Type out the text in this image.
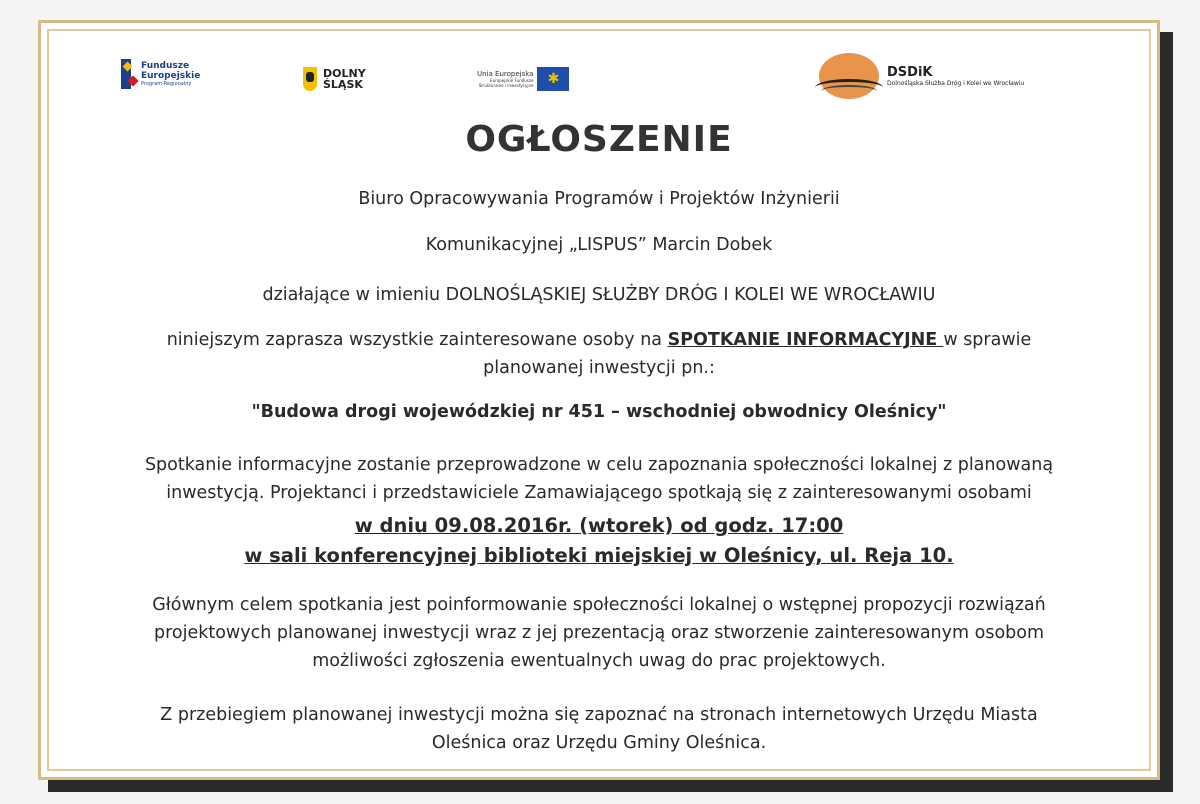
Fundusze
Europejskie
Program Regionalny
DOLNY
ŚLĄSK
Unia Europejska
Europejskie Fundusze
Strukturalne i Inwestycyjne	✱	DSDiK
Dolnośląska Służba Dróg i Kolei we Wrocławiu
OGŁOSZENIE
Biuro Opracowywania Programów i Projektów Inżynierii
Komunikacyjnej „LISPUS” Marcin Dobek
działające w imieniu DOLNOŚLĄSKIEJ SŁUŻBY DRÓG I KOLEI WE WROCŁAWIU
niniejszym zaprasza wszystkie zainteresowane osoby na SPOTKANIE INFORMACYJNE w sprawie
planowanej inwestycji pn.:
"Budowa drogi wojewódzkiej nr 451 – wschodniej obwodnicy Oleśnicy"
Spotkanie informacyjne zostanie przeprowadzone w celu zapoznania społeczności lokalnej z planowaną
inwestycją. Projektanci i przedstawiciele Zamawiającego spotkają się z zainteresowanymi osobami
w dniu 09.08.2016r. (wtorek) od godz. 17:00
w sali konferencyjnej biblioteki miejskiej w Oleśnicy, ul. Reja 10.
Głównym celem spotkania jest poinformowanie społeczności lokalnej o wstępnej propozycji rozwiązań
projektowych planowanej inwestycji wraz z jej prezentacją oraz stworzenie zainteresowanym osobom
możliwości zgłoszenia ewentualnych uwag do prac projektowych.
Z przebiegiem planowanej inwestycji można się zapoznać na stronach internetowych Urzędu Miasta
Oleśnica oraz Urzędu Gminy Oleśnica.
